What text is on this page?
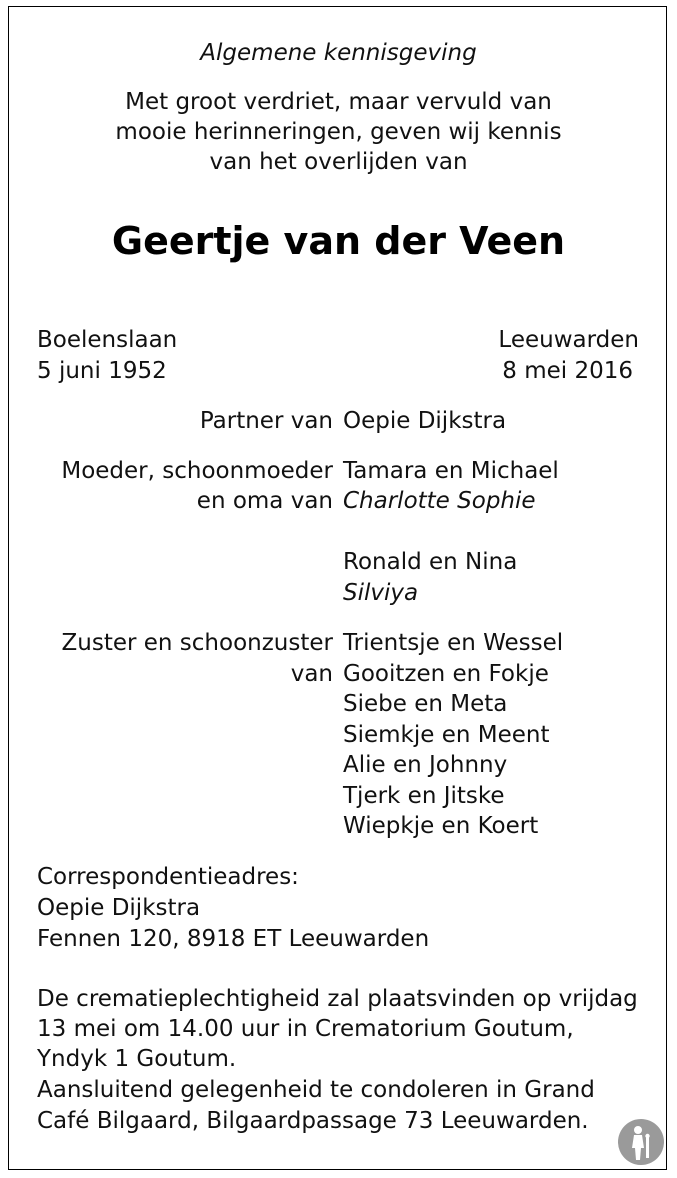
Algemene kennisgeving
Met groot verdriet, maar vervuld van
mooie herinneringen, geven wij kennis
van het overlijden van
Geertje van der Veen
Boelenslaan
5 juni 1952
Leeuwarden
8 mei 2016
Partner van Oepie Dijkstra
Moeder, schoonmoeder
en oma van
Tamara en Michael
Charlotte Sophie
Ronald en Nina
Silviya
Zuster en schoonzuster
van
Trientsje en Wessel
Gooitzen en Fokje
Siebe en Meta
Siemkje en Meent
Alie en Johnny
Tjerk en Jitske
Wiepkje en Koert
Correspondentieadres:
Oepie Dijkstra
Fennen 120, 8918 ET Leeuwarden
De crematieplechtigheid zal plaatsvinden op vrijdag
13 mei om 14.00 uur in Crematorium Goutum,
Yndyk 1 Goutum.
Aansluitend gelegenheid te condoleren in Grand
Café Bilgaard, Bilgaardpassage 73 Leeuwarden.
